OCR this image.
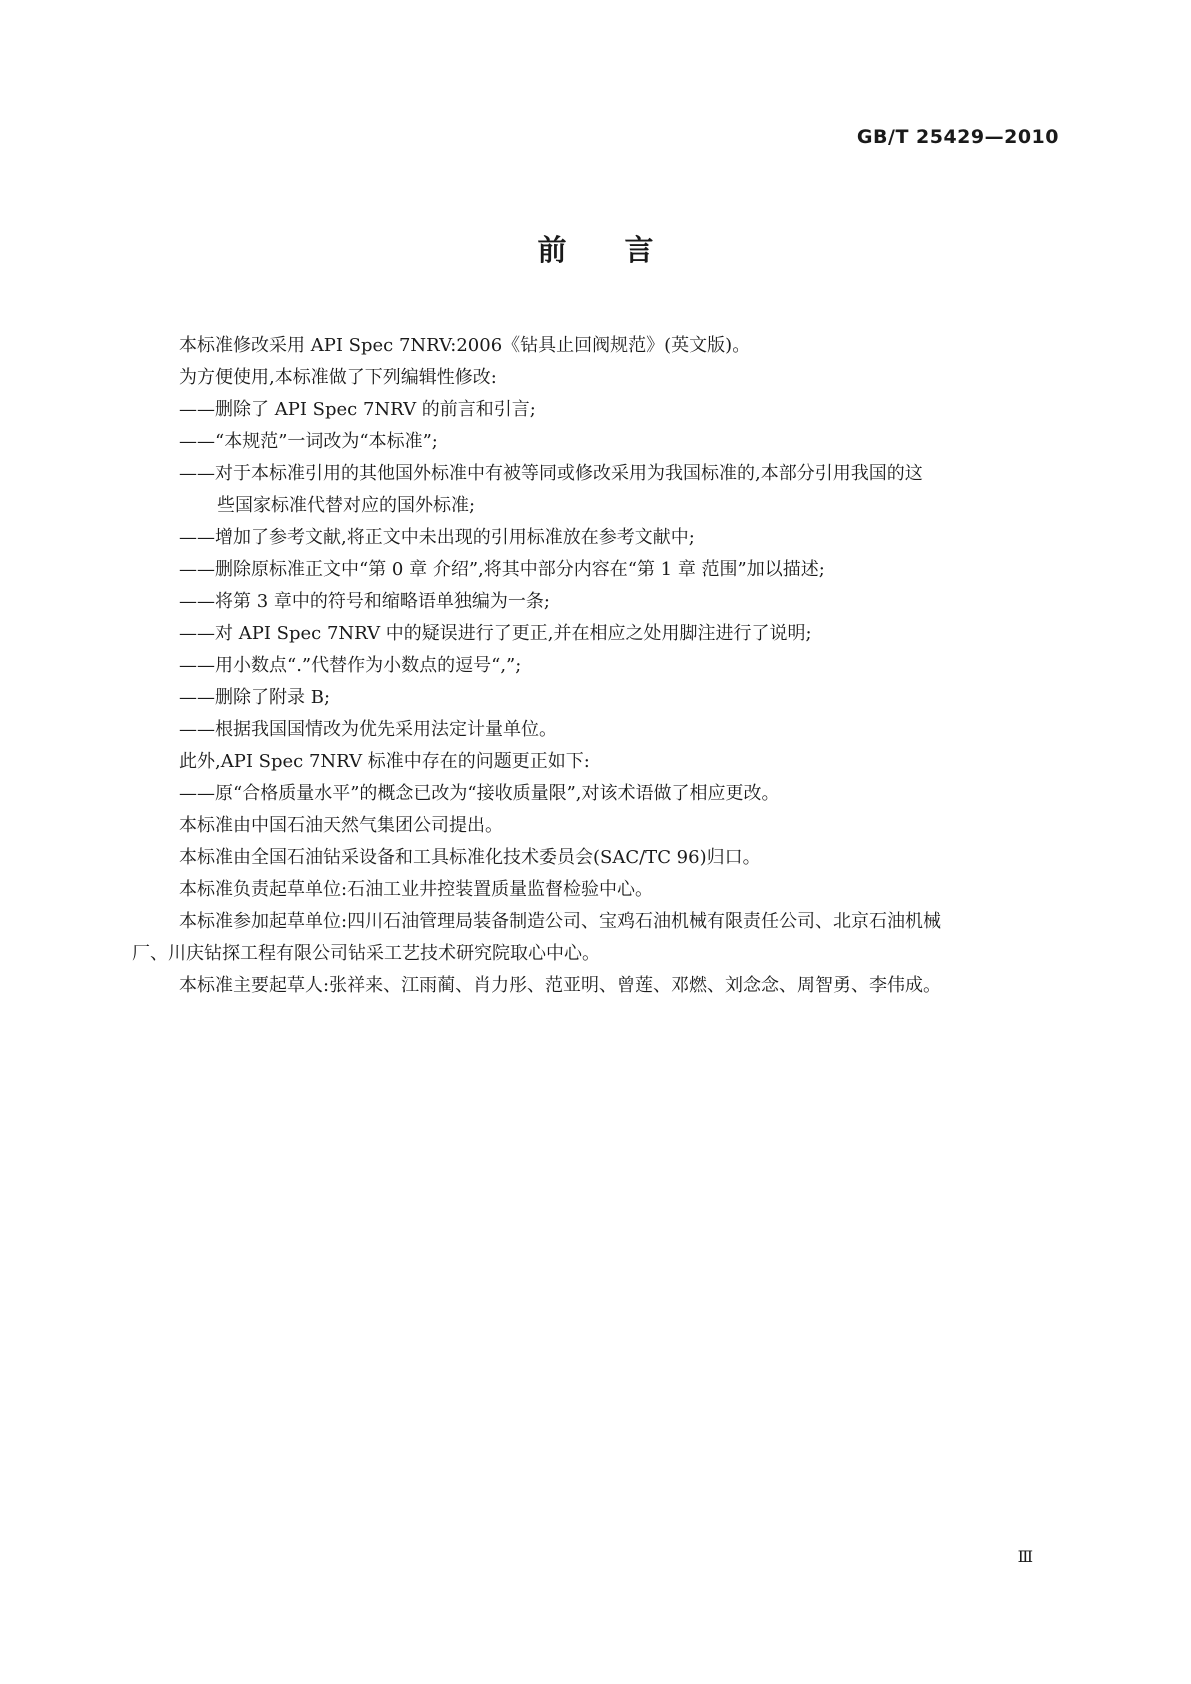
GB/T 25429—2010
前言
本标准修改采用 API Spec 7NRV:2006《钻具止回阀规范》(英文版)。
为方便使用,本标准做了下列编辑性修改:
——删除了 API Spec 7NRV 的前言和引言;
——“本规范”一词改为“本标准”;
——对于本标准引用的其他国外标准中有被等同或修改采用为我国标准的,本部分引用我国的这
些国家标准代替对应的国外标准;
——增加了参考文献,将正文中未出现的引用标准放在参考文献中;
——删除原标准正文中“第 0 章 介绍”,将其中部分内容在“第 1 章 范围”加以描述;
——将第 3 章中的符号和缩略语单独编为一条;
——对 API Spec 7NRV 中的疑误进行了更正,并在相应之处用脚注进行了说明;
——用小数点“.”代替作为小数点的逗号“,”;
——删除了附录 B;
——根据我国国情改为优先采用法定计量单位。
此外,API Spec 7NRV 标准中存在的问题更正如下:
——原“合格质量水平”的概念已改为“接收质量限”,对该术语做了相应更改。
本标准由中国石油天然气集团公司提出。
本标准由全国石油钻采设备和工具标准化技术委员会(SAC/TC 96)归口。
本标准负责起草单位:石油工业井控装置质量监督检验中心。
本标准参加起草单位:四川石油管理局装备制造公司、宝鸡石油机械有限责任公司、北京石油机械
厂、川庆钻探工程有限公司钻采工艺技术研究院取心中心。
本标准主要起草人:张祥来、江雨蔺、肖力彤、范亚明、曾莲、邓燃、刘念念、周智勇、李伟成。
Ⅲ
